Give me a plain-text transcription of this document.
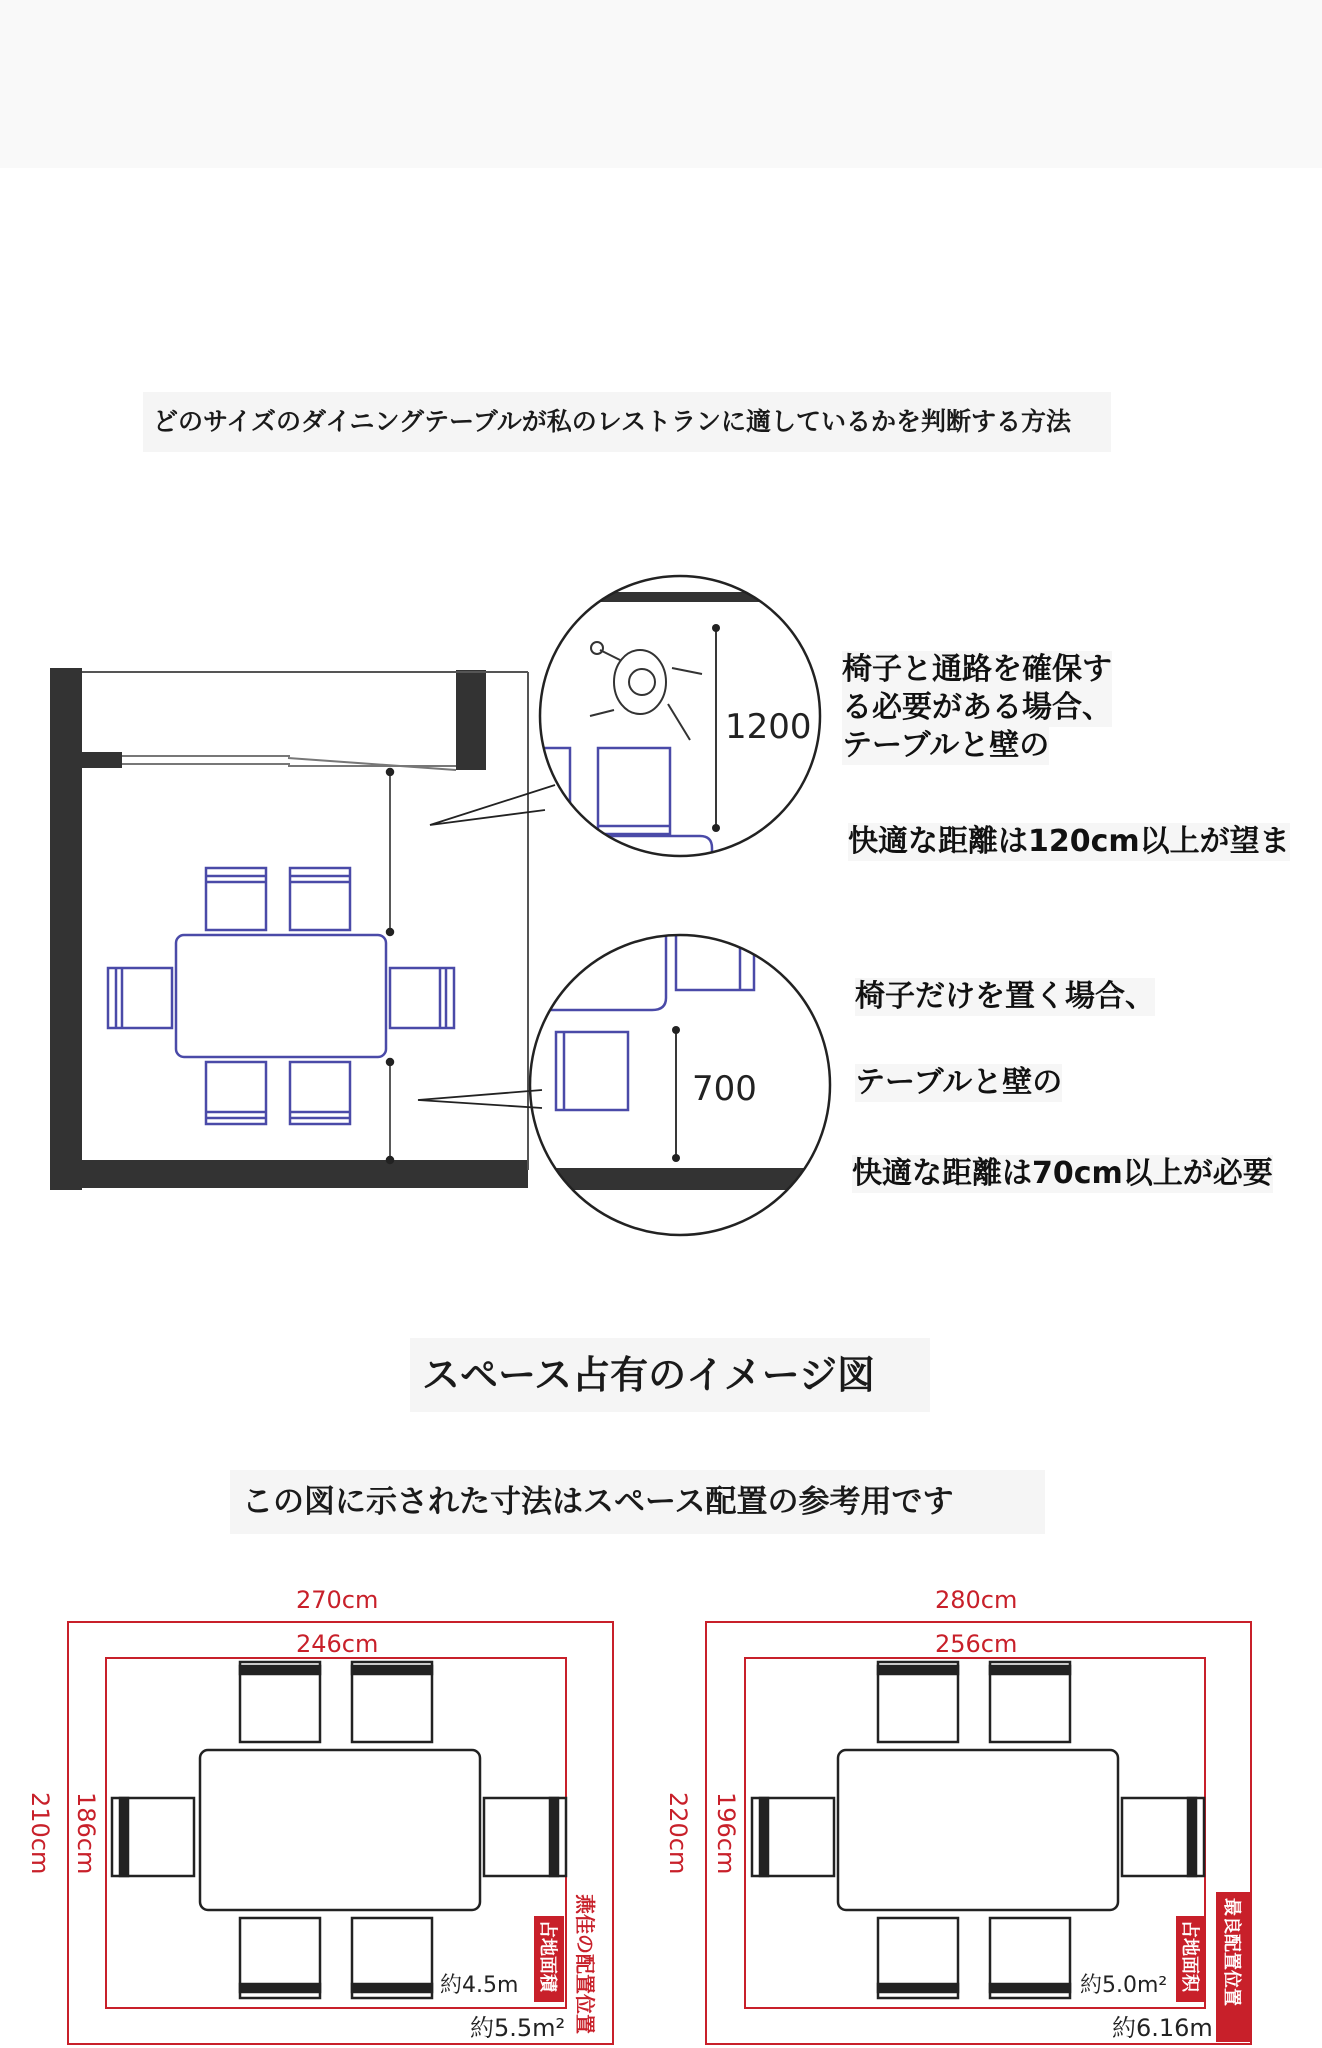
どのサイズのダイニングテーブルが私のレストランに適しているかを判断する方法
1200
700
270cm
246cm
210cm 186cm
占地面積
約4.5m
約5.5m² 燕佳の配置位置
280cm
256cm
220cm 196cm
占地面积
約5.0m²
約6.16m
最良配置位置
椅子と通路を確保す
る必要がある場合、
テーブルと壁の
快適な距離は120cm以上が望ま
椅子だけを置く場合、
テーブルと壁の
快適な距離は70cm以上が必要
スペース占有のイメージ図
この図に示された寸法はスペース配置の参考用です
